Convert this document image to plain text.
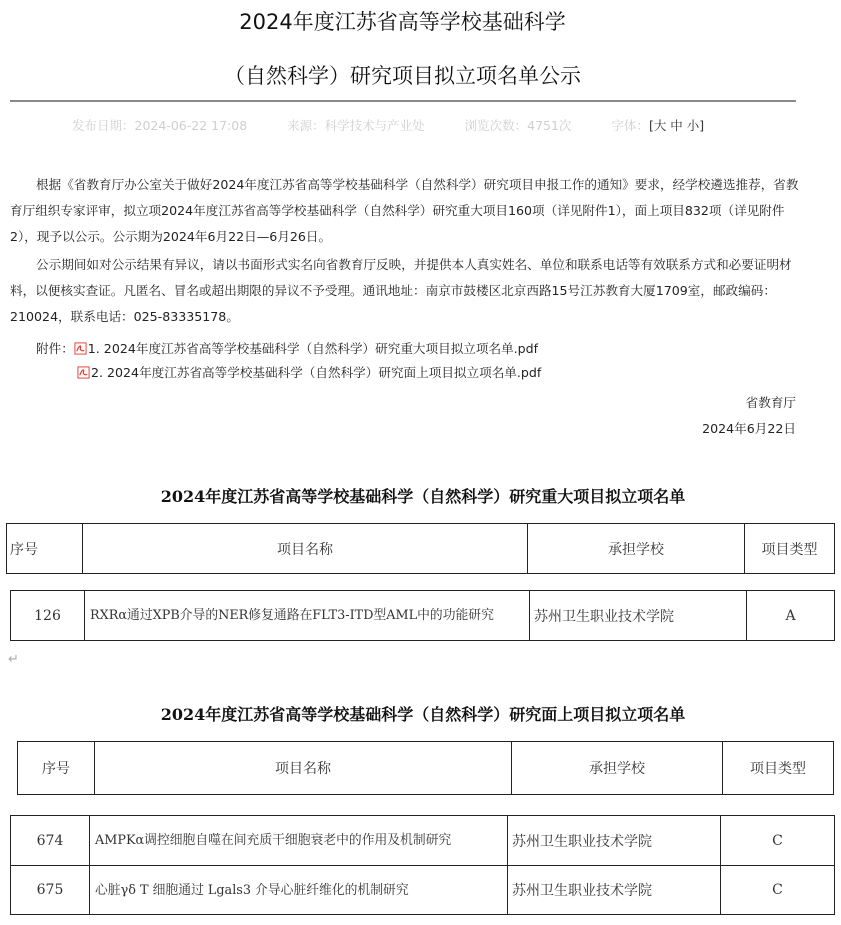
2024年度江苏省高等学校基础科学
（自然科学）研究项目拟立项名单公示
发布日期：2024-06-22 17:08	来源：科学技术与产业处	浏览次数：4751次	字体：[大 中 小]
根据《省教育厅办公室关于做好2024年度江苏省高等学校基础科学（自然科学）研究项目申报工作的通知》要求，经学校遴选推荐，省教育厅组织专家评审，拟立项2024年度江苏省高等学校基础科学（自然科学）研究重大项目160项（详见附件1），面上项目832项（详见附件2），现予以公示。公示期为2024年6月22日—6月26日。
公示期间如对公示结果有异议，请以书面形式实名向省教育厅反映，并提供本人真实姓名、单位和联系电话等有效联系方式和必要证明材料，以便核实查证。凡匿名、冒名或超出期限的异议不予受理。通讯地址：南京市鼓楼区北京西路15号江苏教育大厦1709室，邮政编码：210024，联系电话：025-83335178。
附件： 1. 2024年度江苏省高等学校基础科学（自然科学）研究重大项目拟立项名单.pdf
2. 2024年度江苏省高等学校基础科学（自然科学）研究面上项目拟立项名单.pdf
省教育厅
2024年6月22日
2024年度江苏省高等学校基础科学（自然科学）研究重大项目拟立项名单
序号	项目名称	承担学校	项目类型
126	RXRα通过XPB介导的NER修复通路在FLT3-ITD型AML中的功能研究	苏州卫生职业技术学院	A
↵
2024年度江苏省高等学校基础科学（自然科学）研究面上项目拟立项名单
序号	项目名称	承担学校	项目类型
674	AMPKα调控细胞自噬在间充质干细胞衰老中的作用及机制研究	苏州卫生职业技术学院	C
675	心脏γδ T 细胞通过 Lgals3 介导心脏纤维化的机制研究	苏州卫生职业技术学院	C
